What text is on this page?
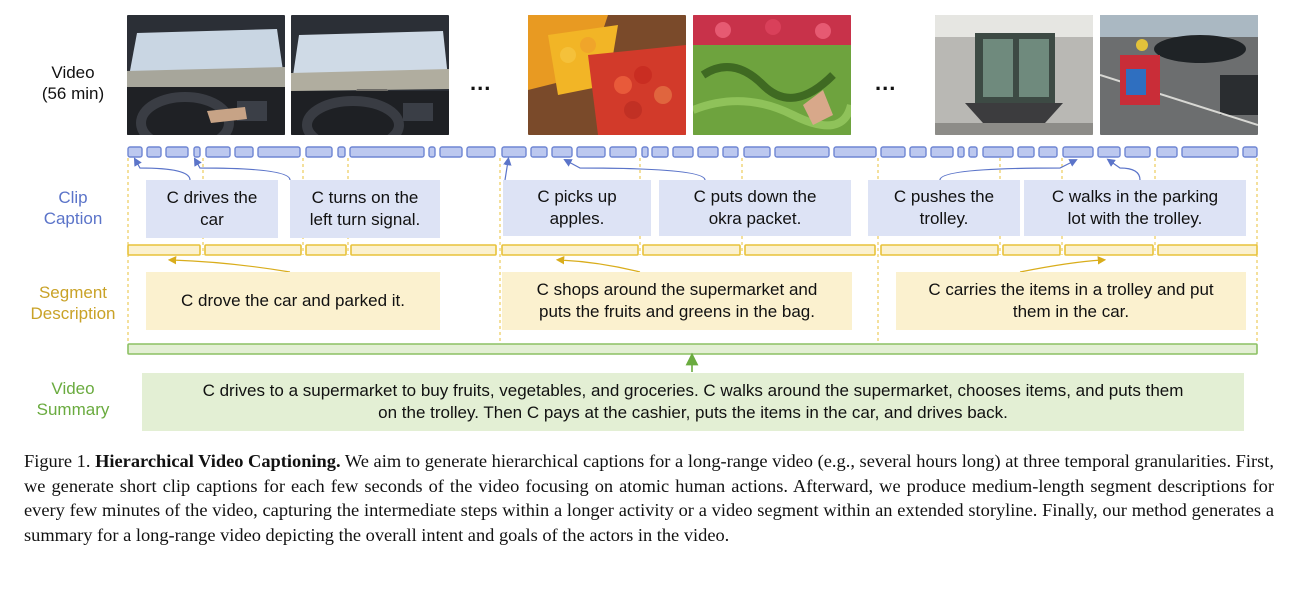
Video
(56 min)
Clip
Caption
Segment
Description
Video
Summary
...	...
C drives the
car
C turns on the
left turn signal.
C picks up
apples.
C puts down the
okra packet.
C pushes the
trolley.
C walks in the parking
lot with the trolley.
C drove the car and parked it.
C shops around the supermarket and
puts the fruits and greens in the bag.
C carries the items in a trolley and put
them in the car.
C drives to a supermarket to buy fruits, vegetables, and groceries. C walks around the supermarket, chooses items, and puts them
on the trolley. Then C pays at the cashier, puts the items in the car, and drives back.
Figure 1. Hierarchical Video Captioning. We aim to generate hierarchical captions for a long-range video (e.g., several hours long) at three temporal granularities. First, we generate short clip captions for each few seconds of the video focusing on atomic human actions. Afterward, we produce medium-length segment descriptions for every few minutes of the video, capturing the intermediate steps within a longer activity or a video segment within an extended storyline. Finally, our method generates a summary for a long-range video depicting the overall intent and goals of the actors in the video.
